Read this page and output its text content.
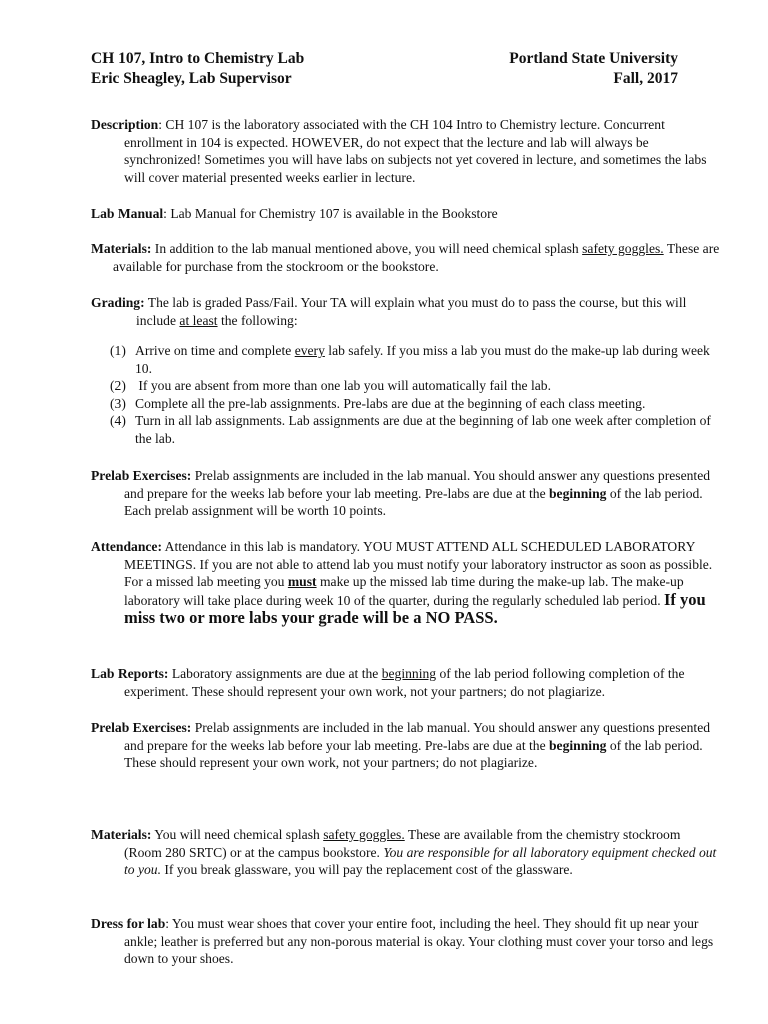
CH 107, Intro to Chemistry Lab
Eric Sheagley, Lab Supervisor
Portland State University
Fall, 2017

Description: CH 107 is the laboratory associated with the CH 104 Intro to Chemistry lecture. Concurrent enrollment in 104 is expected. HOWEVER, do not expect that the lecture and lab will always be synchronized! Sometimes you will have labs on subjects not yet covered in lecture, and sometimes the labs will cover material presented weeks earlier in lecture.

Lab Manual: Lab Manual for Chemistry 107 is available in the Bookstore

Materials: In addition to the lab manual mentioned above, you will need chemical splash safety goggles. These are available for purchase from the stockroom or the bookstore.

Grading: The lab is graded Pass/Fail. Your TA will explain what you must do to pass the course, but this will include at least the following:

(1) Arrive on time and complete every lab safely. If you miss a lab you must do the make-up lab during week 10.
(2) If you are absent from more than one lab you will automatically fail the lab.
(3) Complete all the pre-lab assignments. Pre-labs are due at the beginning of each class meeting.
(4) Turn in all lab assignments. Lab assignments are due at the beginning of lab one week after completion of the lab.

Prelab Exercises: Prelab assignments are included in the lab manual. You should answer any questions presented and prepare for the weeks lab before your lab meeting. Pre-labs are due at the beginning of the lab period. Each prelab assignment will be worth 10 points.

Attendance: Attendance in this lab is mandatory. YOU MUST ATTEND ALL SCHEDULED LABORATORY MEETINGS. If you are not able to attend lab you must notify your laboratory instructor as soon as possible. For a missed lab meeting you must make up the missed lab time during the make-up lab. The make-up laboratory will take place during week 10 of the quarter, during the regularly scheduled lab period. If you miss two or more labs your grade will be a NO PASS.

Lab Reports: Laboratory assignments are due at the beginning of the lab period following completion of the experiment. These should represent your own work, not your partners; do not plagiarize.

Prelab Exercises: Prelab assignments are included in the lab manual. You should answer any questions presented and prepare for the weeks lab before your lab meeting. Pre-labs are due at the beginning of the lab period. These should represent your own work, not your partners; do not plagiarize.

Materials: You will need chemical splash safety goggles. These are available from the chemistry stockroom (Room 280 SRTC) or at the campus bookstore. You are responsible for all laboratory equipment checked out to you. If you break glassware, you will pay the replacement cost of the glassware.

Dress for lab: You must wear shoes that cover your entire foot, including the heel. They should fit up near your ankle; leather is preferred but any non-porous material is okay. Your clothing must cover your torso and legs down to your shoes.
